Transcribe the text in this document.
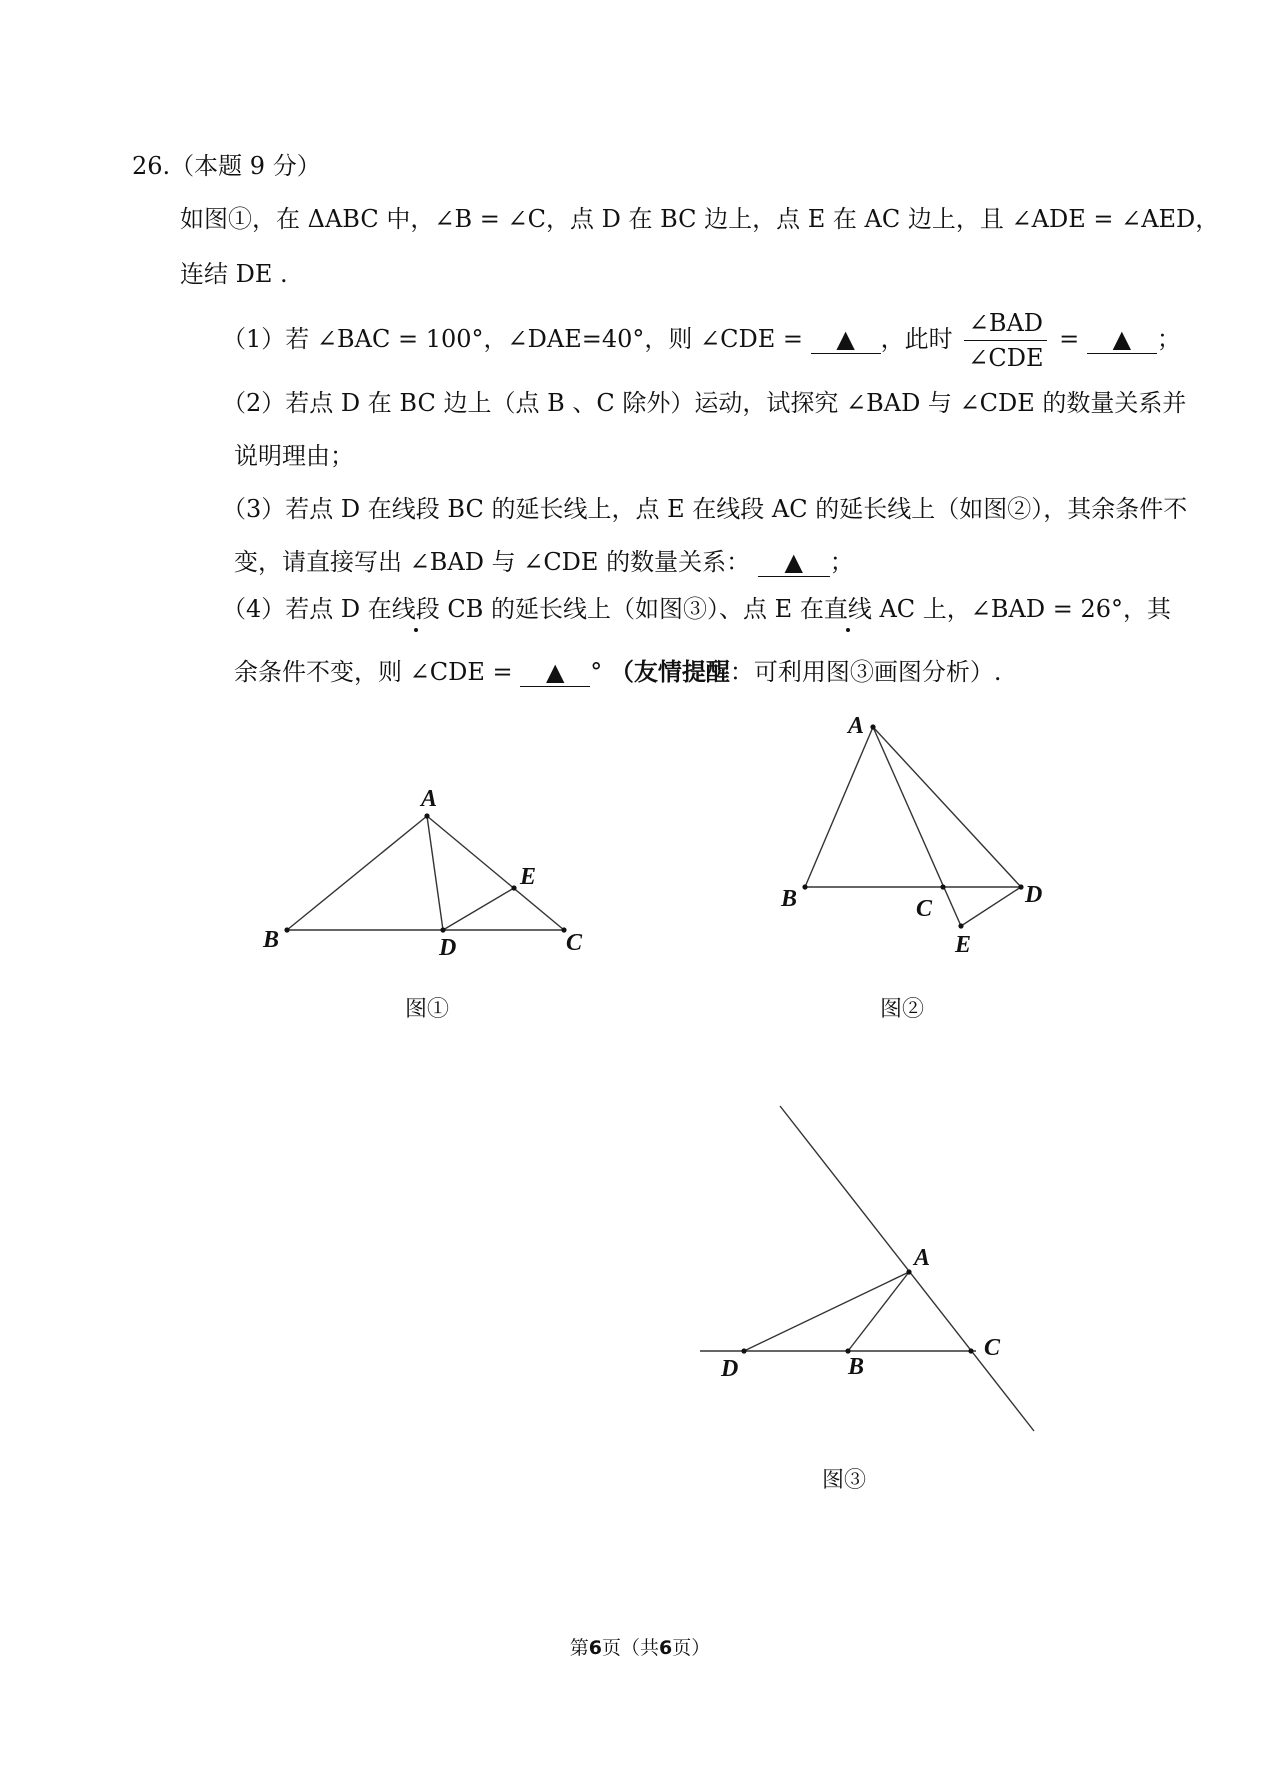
26.（本题 9 分）
如图①，在 ΔABC 中，∠B = ∠C，点 D 在 BC 边上，点 E 在 AC 边上，且 ∠ADE = ∠AED，
连结 DE .
（1）若 ∠BAC = 100°，∠DAE=40°，则 ∠CDE = ▲ ，此时 $\frac{\text{∠BAD}}{\text{∠CDE}}$ = ▲ ；
（2）若点 D 在 BC 边上（点 B 、C 除外）运动，试探究 ∠BAD 与 ∠CDE 的数量关系并
说明理由；
（3）若点 D 在线段 BC 的延长线上，点 E 在线段 AC 的延长线上（如图②），其余条件不
变，请直接写出 ∠BAD 与 ∠CDE 的数量关系： ▲ ；
（4）若点 D 在线段 CB 的延长线上（如图③）、点 E 在直线 AC 上，∠BAD = 26°，其
余条件不变，则 ∠CDE = ▲ ° （友情提醒：可利用图③画图分析）.
A
B	C
D
E
A
B	C
D
E
A
B
C
D
图①	图②
图③
第6页（共6页）
